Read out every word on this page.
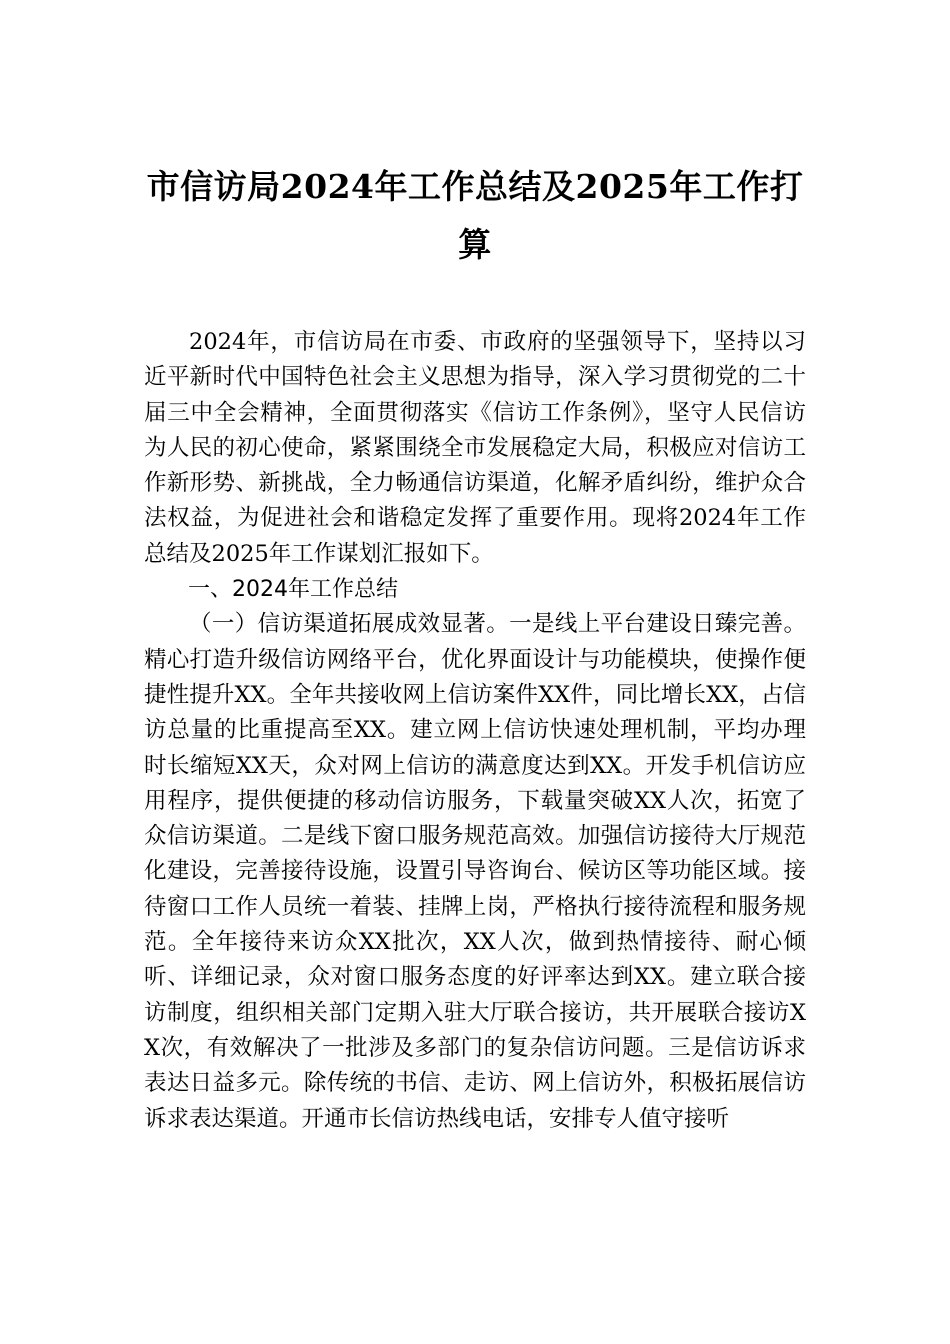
市信访局2024年工作总结及2025年工作打算

2024年，市信访局在市委、市政府的坚强领导下，坚持以习近平新时代中国特色社会主义思想为指导，深入学习贯彻党的二十届三中全会精神，全面贯彻落实《信访工作条例》，坚守人民信访为人民的初心使命，紧紧围绕全市发展稳定大局，积极应对信访工作新形势、新挑战，全力畅通信访渠道，化解矛盾纠纷，维护众合法权益，为促进社会和谐稳定发挥了重要作用。现将2024年工作总结及2025年工作谋划汇报如下。

一、2024年工作总结

（一）信访渠道拓展成效显著。一是线上平台建设日臻完善。精心打造升级信访网络平台，优化界面设计与功能模块，使操作便捷性提升XX。全年共接收网上信访案件XX件，同比增长XX，占信访总量的比重提高至XX。建立网上信访快速处理机制，平均办理时长缩短XX天，众对网上信访的满意度达到XX。开发手机信访应用程序，提供便捷的移动信访服务，下载量突破XX人次，拓宽了众信访渠道。二是线下窗口服务规范高效。加强信访接待大厅规范化建设，完善接待设施，设置引导咨询台、候访区等功能区域。接待窗口工作人员统一着装、挂牌上岗，严格执行接待流程和服务规范。全年接待来访众XX批次，XX人次，做到热情接待、耐心倾听、详细记录，众对窗口服务态度的好评率达到XX。建立联合接访制度，组织相关部门定期入驻大厅联合接访，共开展联合接访XX次，有效解决了一批涉及多部门的复杂信访问题。三是信访诉求表达日益多元。除传统的书信、走访、网上信访外，积极拓展信访诉求表达渠道。开通市长信访热线电话，安排专人值守接听
